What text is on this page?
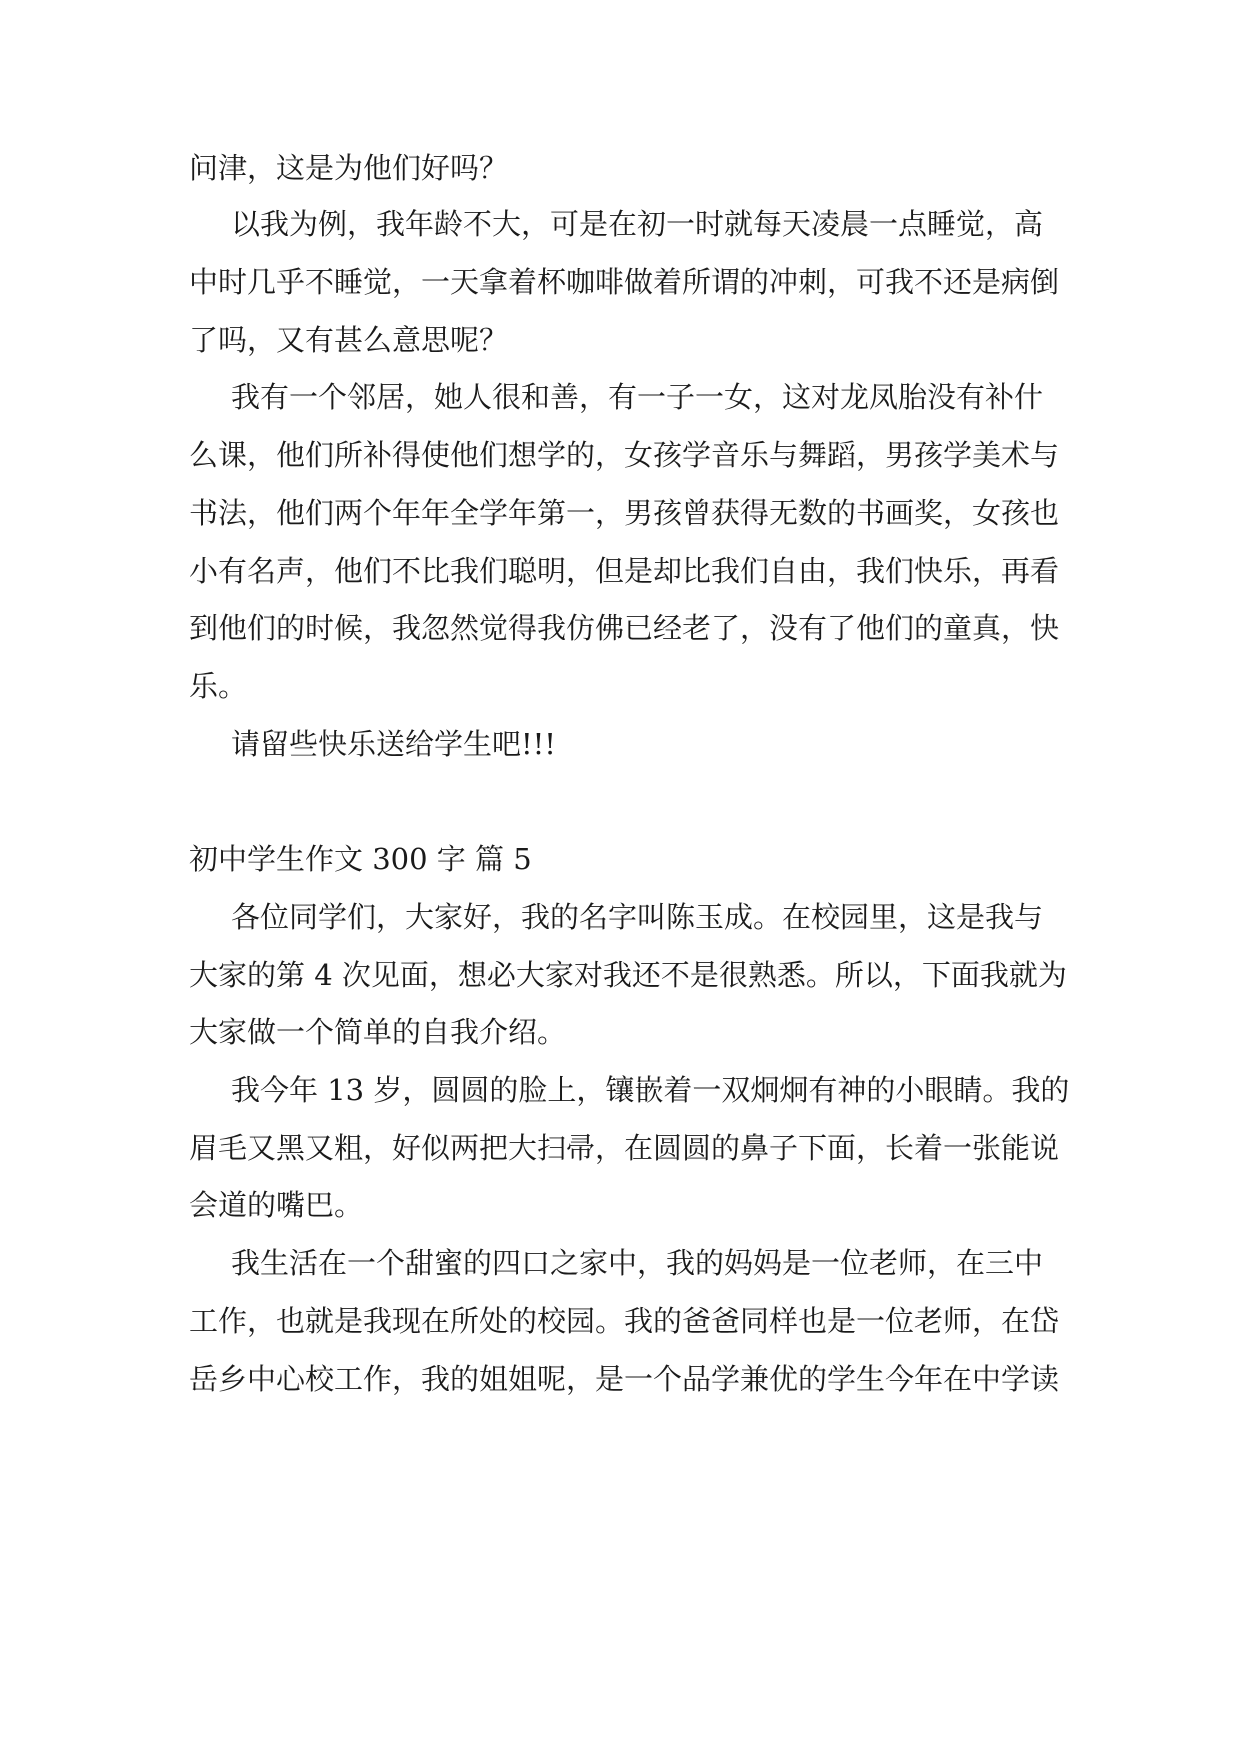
问津，这是为他们好吗？
以我为例，我年龄不大，可是在初一时就每天凌晨一点睡觉，高
中时几乎不睡觉，一天拿着杯咖啡做着所谓的冲刺，可我不还是病倒
了吗，又有甚么意思呢？
我有一个邻居，她人很和善，有一子一女，这对龙凤胎没有补什
么课，他们所补得使他们想学的，女孩学音乐与舞蹈，男孩学美术与
书法，他们两个年年全学年第一，男孩曾获得无数的书画奖，女孩也
小有名声，他们不比我们聪明，但是却比我们自由，我们快乐，再看
到他们的时候，我忽然觉得我仿佛已经老了，没有了他们的童真，快
乐。
请留些快乐送给学生吧!!!
初中学生作文 300 字 篇 5
各位同学们，大家好，我的名字叫陈玉成。在校园里，这是我与
大家的第 4 次见面，想必大家对我还不是很熟悉。所以，下面我就为
大家做一个简单的自我介绍。
我今年 13 岁，圆圆的脸上，镶嵌着一双炯炯有神的小眼睛。我的
眉毛又黑又粗，好似两把大扫帚，在圆圆的鼻子下面，长着一张能说
会道的嘴巴。
我生活在一个甜蜜的四口之家中，我的妈妈是一位老师，在三中
工作，也就是我现在所处的校园。我的爸爸同样也是一位老师，在岱
岳乡中心校工作，我的姐姐呢，是一个品学兼优的学生今年在中学读
